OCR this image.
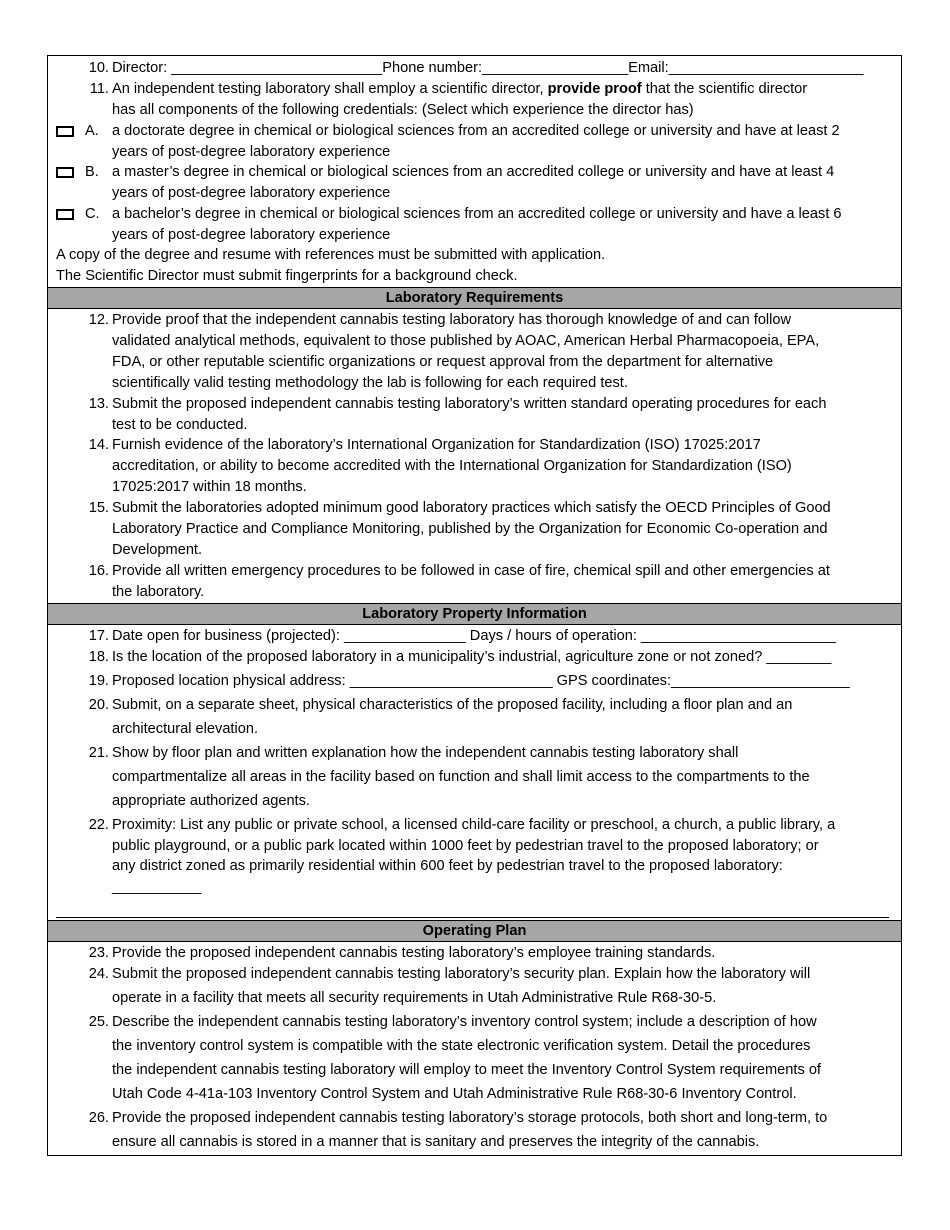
10. Director: __________________________Phone number:__________________Email:________________________
11. An independent testing laboratory shall employ a scientific director, provide proof that the scientific director
has all components of the following credentials: (Select which experience the director has)
A. a doctorate degree in chemical or biological sciences from an accredited college or university and have at least 2
years of post-degree laboratory experience
B. a master’s degree in chemical or biological sciences from an accredited college or university and have at least 4
years of post-degree laboratory experience
C. a bachelor’s degree in chemical or biological sciences from an accredited college or university and have a least 6
years of post-degree laboratory experience
A copy of the degree and resume with references must be submitted with application.
The Scientific Director must submit fingerprints for a background check.
Laboratory Requirements
12. Provide proof that the independent cannabis testing laboratory has thorough knowledge of and can follow
validated analytical methods, equivalent to those published by AOAC, American Herbal Pharmacopoeia, EPA,
FDA, or other reputable scientific organizations or request approval from the department for alternative
scientifically valid testing methodology the lab is following for each required test.
13. Submit the proposed independent cannabis testing laboratory’s written standard operating procedures for each
test to be conducted.
14. Furnish evidence of the laboratory’s International Organization for Standardization (ISO) 17025:2017
accreditation, or ability to become accredited with the International Organization for Standardization (ISO)
17025:2017 within 18 months.
15. Submit the laboratories adopted minimum good laboratory practices which satisfy the OECD Principles of Good
Laboratory Practice and Compliance Monitoring, published by the Organization for Economic Co-operation and
Development.
16. Provide all written emergency procedures to be followed in case of fire, chemical spill and other emergencies at
the laboratory.
Laboratory Property Information
17. Date open for business (projected): _______________ Days / hours of operation: ________________________
18. Is the location of the proposed laboratory in a municipality’s industrial, agriculture zone or not zoned? ________
19. Proposed location physical address: _________________________ GPS coordinates:______________________
20. Submit, on a separate sheet, physical characteristics of the proposed facility, including a floor plan and an
architectural elevation.
21. Show by floor plan and written explanation how the independent cannabis testing laboratory shall
compartmentalize all areas in the facility based on function and shall limit access to the compartments to the
appropriate authorized agents.
22. Proximity: List any public or private school, a licensed child-care facility or preschool, a church, a public library, a
public playground, or a public park located within 1000 feet by pedestrian travel to the proposed laboratory; or
any district zoned as primarily residential within 600 feet by pedestrian travel to the proposed laboratory:
___________
Operating Plan
23. Provide the proposed independent cannabis testing laboratory’s employee training standards.
24. Submit the proposed independent cannabis testing laboratory’s security plan. Explain how the laboratory will
operate in a facility that meets all security requirements in Utah Administrative Rule R68-30-5.
25. Describe the independent cannabis testing laboratory’s inventory control system; include a description of how
the inventory control system is compatible with the state electronic verification system. Detail the procedures
the independent cannabis testing laboratory will employ to meet the Inventory Control System requirements of
Utah Code 4-41a-103 Inventory Control System and Utah Administrative Rule R68-30-6 Inventory Control.
26. Provide the proposed independent cannabis testing laboratory’s storage protocols, both short and long-term, to
ensure all cannabis is stored in a manner that is sanitary and preserves the integrity of the cannabis.
